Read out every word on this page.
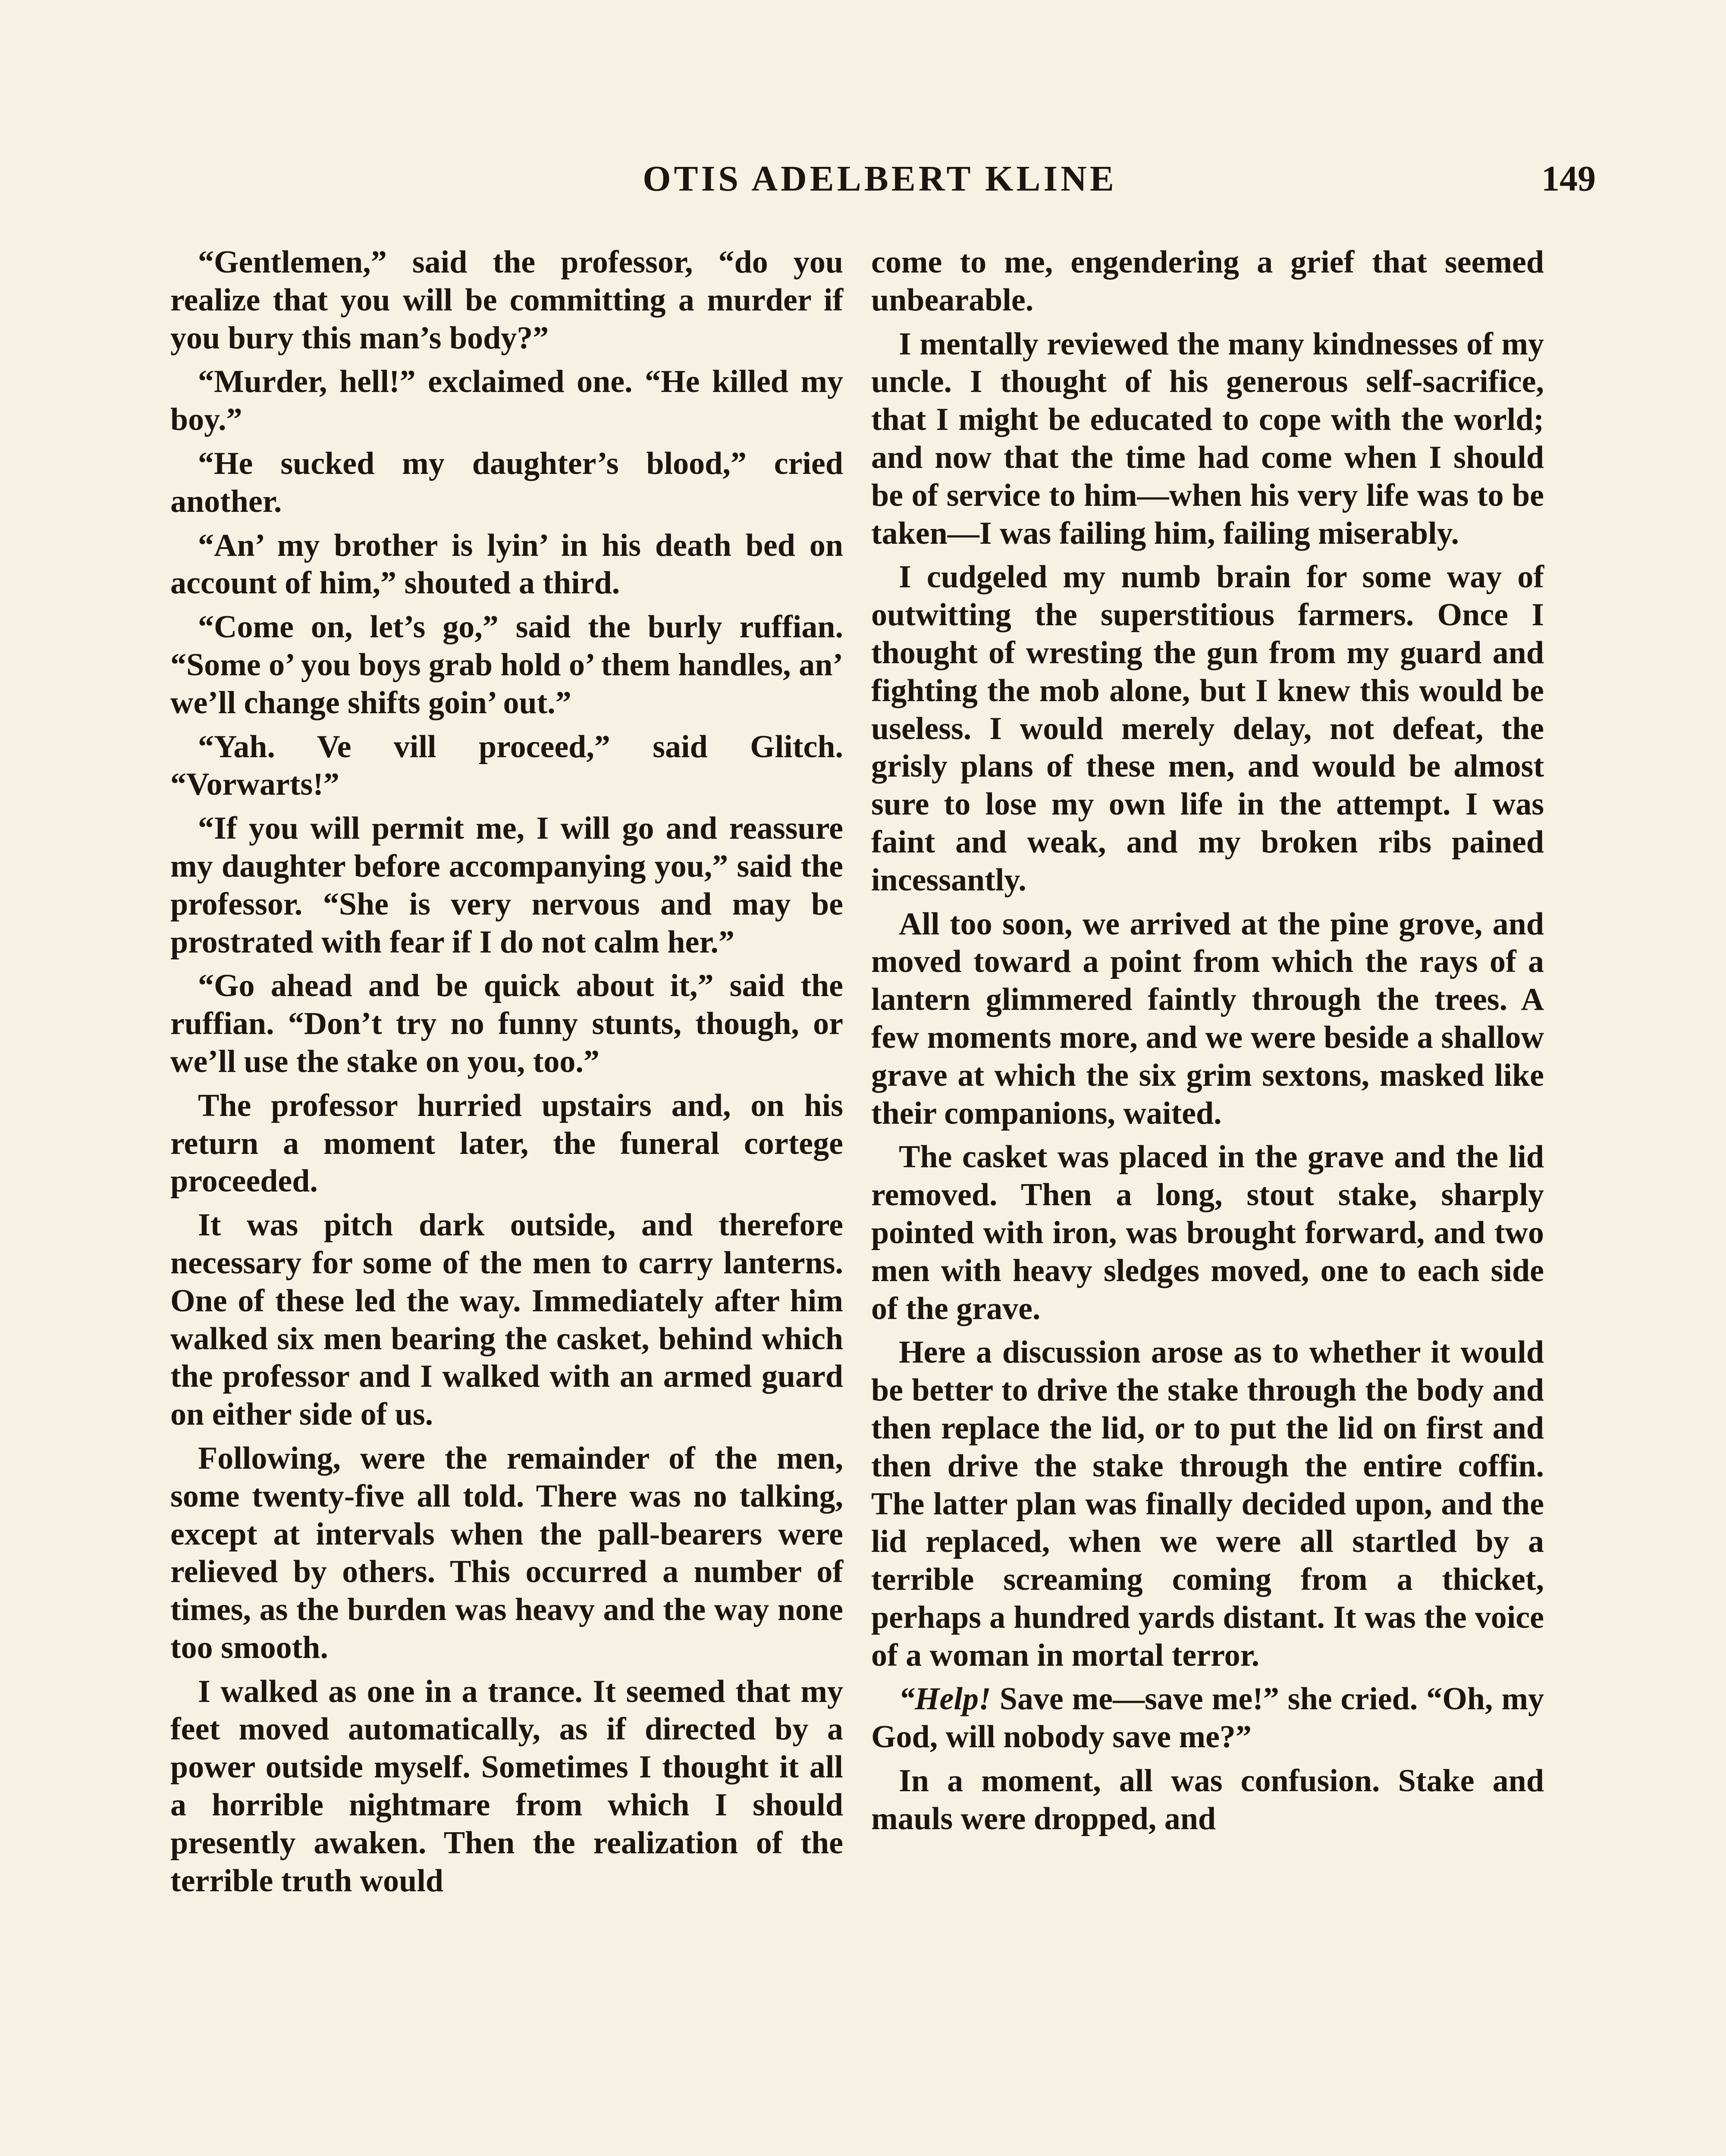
OTIS ADELBERT KLINE	149

“Gentlemen,” said the professor, “do you realize that you will be committing a murder if you bury this man’s body?”

“Murder, hell!” exclaimed one. “He killed my boy.”

“He sucked my daughter’s blood,” cried another.

“An’ my brother is lyin’ in his death bed on account of him,” shouted a third.

“Come on, let’s go,” said the burly ruffian. “Some o’ you boys grab hold o’ them handles, an’ we’ll change shifts goin’ out.”

“Yah. Ve vill proceed,” said Glitch. “Vorwarts!”

“If you will permit me, I will go and reassure my daughter before accompanying you,” said the professor. “She is very nervous and may be prostrated with fear if I do not calm her.”

“Go ahead and be quick about it,” said the ruffian. “Don’t try no funny stunts, though, or we’ll use the stake on you, too.”

The professor hurried upstairs and, on his return a moment later, the funeral cortege proceeded.

It was pitch dark outside, and therefore necessary for some of the men to carry lanterns. One of these led the way. Immediately after him walked six men bearing the casket, behind which the professor and I walked with an armed guard on either side of us.

Following, were the remainder of the men, some twenty-five all told. There was no talking, except at intervals when the pall-bearers were relieved by others. This occurred a number of times, as the burden was heavy and the way none too smooth.

I walked as one in a trance. It seemed that my feet moved automatically, as if directed by a power outside myself. Sometimes I thought it all a horrible nightmare from which I should presently awaken. Then the realization of the terrible truth would

come to me, engendering a grief that seemed unbearable.

I mentally reviewed the many kindnesses of my uncle. I thought of his generous self-sacrifice, that I might be educated to cope with the world; and now that the time had come when I should be of service to him—when his very life was to be taken—I was failing him, failing miserably.

I cudgeled my numb brain for some way of outwitting the superstitious farmers. Once I thought of wresting the gun from my guard and fighting the mob alone, but I knew this would be useless. I would merely delay, not defeat, the grisly plans of these men, and would be almost sure to lose my own life in the attempt. I was faint and weak, and my broken ribs pained incessantly.

All too soon, we arrived at the pine grove, and moved toward a point from which the rays of a lantern glimmered faintly through the trees. A few moments more, and we were beside a shallow grave at which the six grim sextons, masked like their companions, waited.

The casket was placed in the grave and the lid removed. Then a long, stout stake, sharply pointed with iron, was brought forward, and two men with heavy sledges moved, one to each side of the grave.

Here a discussion arose as to whether it would be better to drive the stake through the body and then replace the lid, or to put the lid on first and then drive the stake through the entire coffin. The latter plan was finally decided upon, and the lid replaced, when we were all startled by a terrible screaming coming from a thicket, perhaps a hundred yards distant. It was the voice of a woman in mortal terror.

“Help! Save me—save me!” she cried. “Oh, my God, will nobody save me?”

In a moment, all was confusion. Stake and mauls were dropped, and
